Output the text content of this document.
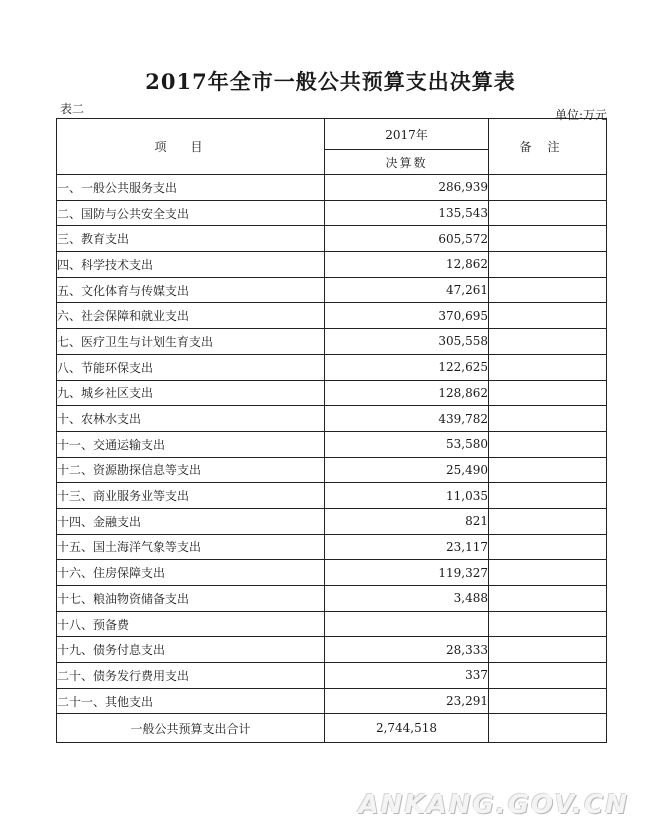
2017年全市一般公共预算支出决算表
表二	单位:万元
项目	2017年	备注
	决算数	
一、一般公共服务支出	286,939	
二、国防与公共安全支出	135,543	
三、教育支出	605,572	
四、科学技术支出	12,862	
五、文化体育与传媒支出	47,261	
六、社会保障和就业支出	370,695	
七、医疗卫生与计划生育支出	305,558	
八、节能环保支出	122,625	
九、城乡社区支出	128,862	
十、农林水支出	439,782	
十一、交通运输支出	53,580	
十二、资源勘探信息等支出	25,490	
十三、商业服务业等支出	11,035	
十四、金融支出	821	
十五、国土海洋气象等支出	23,117	
十六、住房保障支出	119,327	
十七、粮油物资储备支出	3,488	
十八、预备费		
十九、债务付息支出	28,333	
二十、债务发行费用支出	337	
二十一、其他支出	23,291	
一般公共预算支出合计	2,744,518	
ANKANG.GOV.CN
